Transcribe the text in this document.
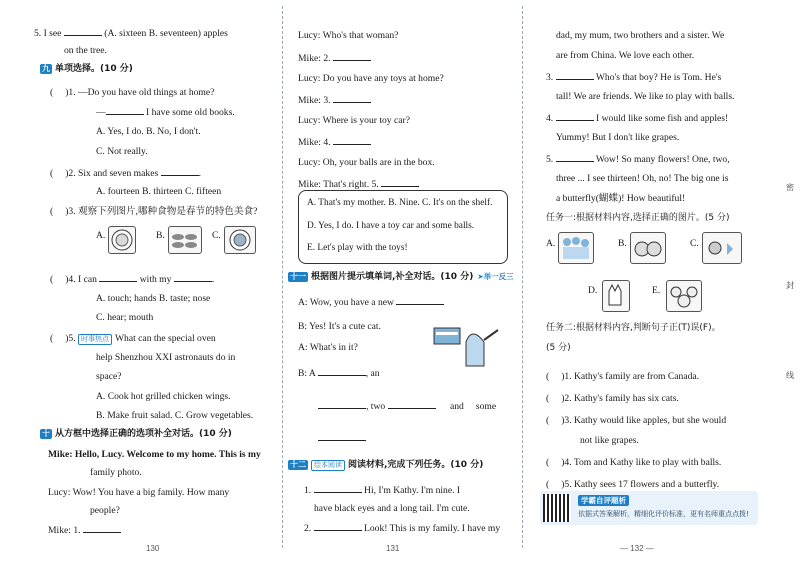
5. I see	(A. sixteen B. seventeen) apples
on the tree.
九 单项选择。(10 分)
( )1. —Do you have old things at home?
—	I have some old books.
A. Yes, I do. B. No, I don't.
C. Not really.
( )2. Six and seven makes	.
A. fourteen B. thirteen C. fifteen
( )3. 观察下列图片,哪种食物是春节的特色美食?
A.	B.	C.
( )4. I can	with my	.
A. touch; hands B. taste; nose
C. hear; mouth
( )5. 时事热点 What can the special oven
help Shenzhou XXI astronauts do in
space?
A. Cook hot grilled chicken wings.
B. Make fruit salad. C. Grow vegetables.
十 从方框中选择正确的选项补全对话。(10 分)
Mike: Hello, Lucy. Welcome to my home. This is my
family photo.
Lucy: Wow! You have a big family. How many
people?
Mike: 1.
130
Lucy: Who's that woman?
Mike: 2.
Lucy: Do you have any toys at home?
Mike: 3.
Lucy: Where is your toy car?
Mike: 4.
Lucy: Oh, your balls are in the box.
Mike: That's right. 5.
A. That's my mother. B. Nine. C. It's on the shelf.
D. Yes, I do. I have a toy car and some balls.
E. Let's play with the toys!
十一 根据图片提示填单词,补全对话。(10 分) ➤举一反三
A: Wow, you have a new
B: Yes! It's a cute cat.
A: What's in it?
B: A	, an
, two	and some
十二 绘本阅读 阅读材料,完成下列任务。(10 分)
1.	Hi, I'm Kathy. I'm nine. I
have black eyes and a long tail. I'm cute.
2.	Look! This is my family. I have my
131
dad, my mum, two brothers and a sister. We
are from China. We love each other.
3.	Who's that boy? He is Tom. He's
tall! We are friends. We like to play with balls.
4.	I would like some fish and apples!
Yummy! But I don't like grapes.
5.	Wow! So many flowers! One, two,
three ... I see thirteen! Oh, no! The big one is
a butterfly(蝴蝶)! How beautiful!
任务一:根据材料内容,选择正确的图片。(5 分)
A.	B.	C.
D.	E.
任务二:根据材料内容,判断句子正(T)误(F)。
(5 分)
( )1. Kathy's family are from Canada.
( )2. Kathy's family has six cats.
( )3. Kathy would like apples, but she would
not like grapes.
( )4. Tom and Kathy like to play with balls.
( )5. Kathy sees 17 flowers and a butterfly.
— 132 —
学霸自评题析
依据式答案解析，精细化评价标准，更有名师重点点拨!
密
封
线
